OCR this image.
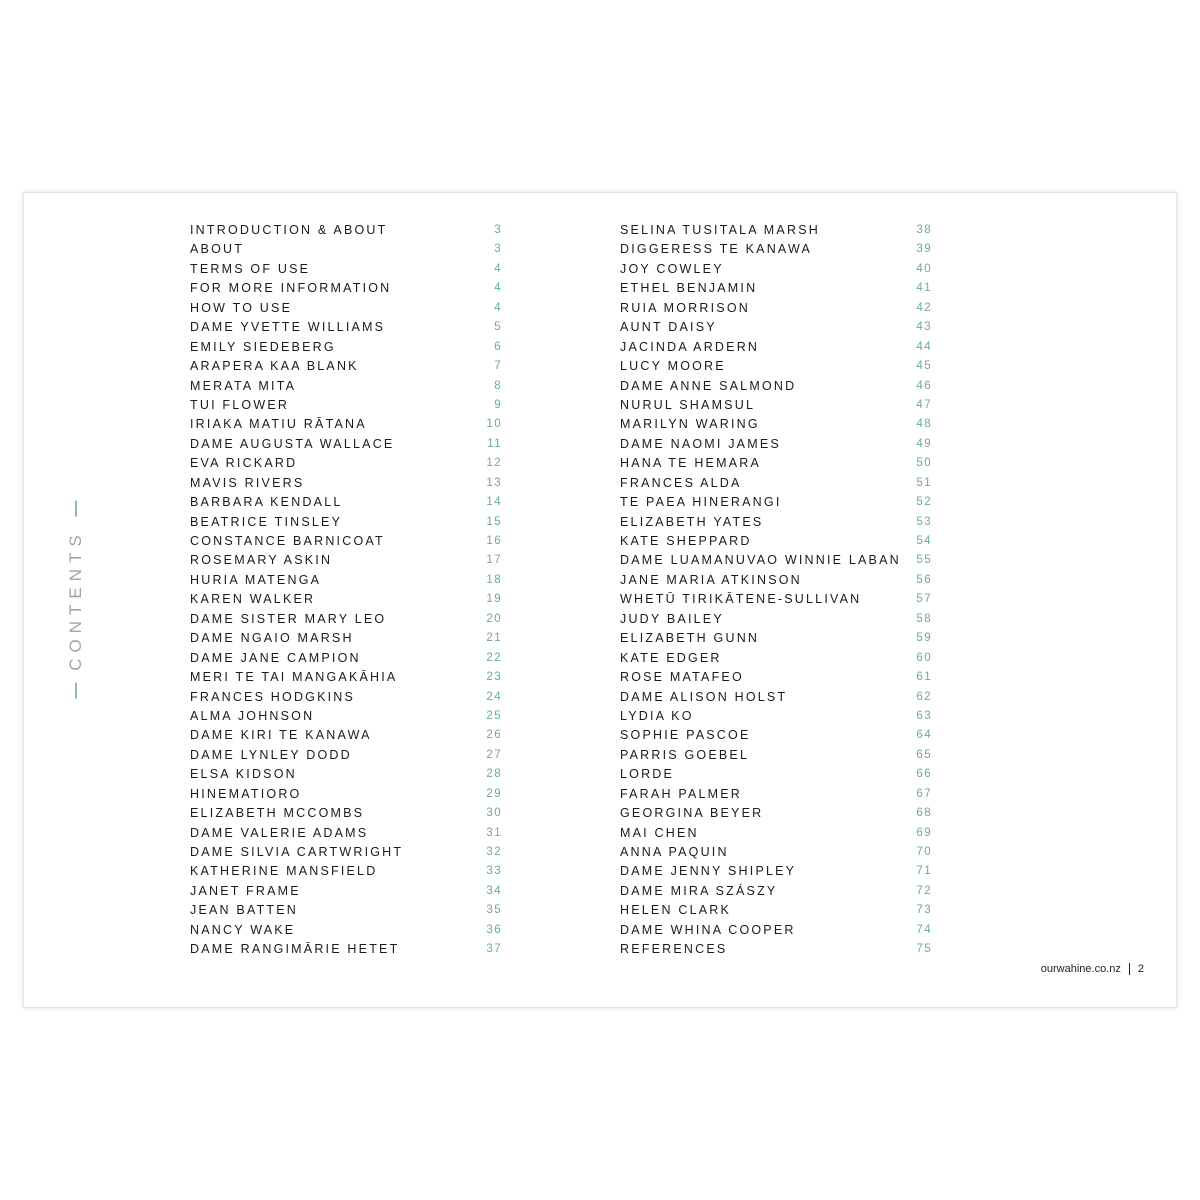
CONTENTS
INTRODUCTION & ABOUT	3
ABOUT	3
TERMS OF USE	4
FOR MORE INFORMATION	4
HOW TO USE	4
DAME YVETTE WILLIAMS	5
EMILY SIEDEBERG	6
ARAPERA KAA BLANK	7
MERATA MITA	8
TUI FLOWER	9
IRIAKA MATIU RĀTANA	10
DAME AUGUSTA WALLACE	11
EVA RICKARD	12
MAVIS RIVERS	13
BARBARA KENDALL	14
BEATRICE TINSLEY	15
CONSTANCE BARNICOAT	16
ROSEMARY ASKIN	17
HURIA MATENGA	18
KAREN WALKER	19
DAME SISTER MARY LEO	20
DAME NGAIO MARSH	21
DAME JANE CAMPION	22
MERI TE TAI MANGAKĀHIA	23
FRANCES HODGKINS	24
ALMA JOHNSON	25
DAME KIRI TE KANAWA	26
DAME LYNLEY DODD	27
ELSA KIDSON	28
HINEMATIORO	29
ELIZABETH MCCOMBS	30
DAME VALERIE ADAMS	31
DAME SILVIA CARTWRIGHT	32
KATHERINE MANSFIELD	33
JANET FRAME	34
JEAN BATTEN	35
NANCY WAKE	36
DAME RANGIMĀRIE HETET	37
SELINA TUSITALA MARSH	38
DIGGERESS TE KANAWA	39
JOY COWLEY	40
ETHEL BENJAMIN	41
RUIA MORRISON	42
AUNT DAISY	43
JACINDA ARDERN	44
LUCY MOORE	45
DAME ANNE SALMOND	46
NURUL SHAMSUL	47
MARILYN WARING	48
DAME NAOMI JAMES	49
HANA TE HEMARA	50
FRANCES ALDA	51
TE PAEA HINERANGI	52
ELIZABETH YATES	53
KATE SHEPPARD	54
DAME LUAMANUVAO WINNIE LABAN	55
JANE MARIA ATKINSON	56
WHETŪ TIRIKĀTENE-SULLIVAN	57
JUDY BAILEY	58
ELIZABETH GUNN	59
KATE EDGER	60
ROSE MATAFEO	61
DAME ALISON HOLST	62
LYDIA KO	63
SOPHIE PASCOE	64
PARRIS GOEBEL	65
LORDE	66
FARAH PALMER	67
GEORGINA BEYER	68
MAI CHEN	69
ANNA PAQUIN	70
DAME JENNY SHIPLEY	71
DAME MIRA SZÁSZY	72
HELEN CLARK	73
DAME WHINA COOPER	74
REFERENCES	75
ourwahine.co.nz 2
